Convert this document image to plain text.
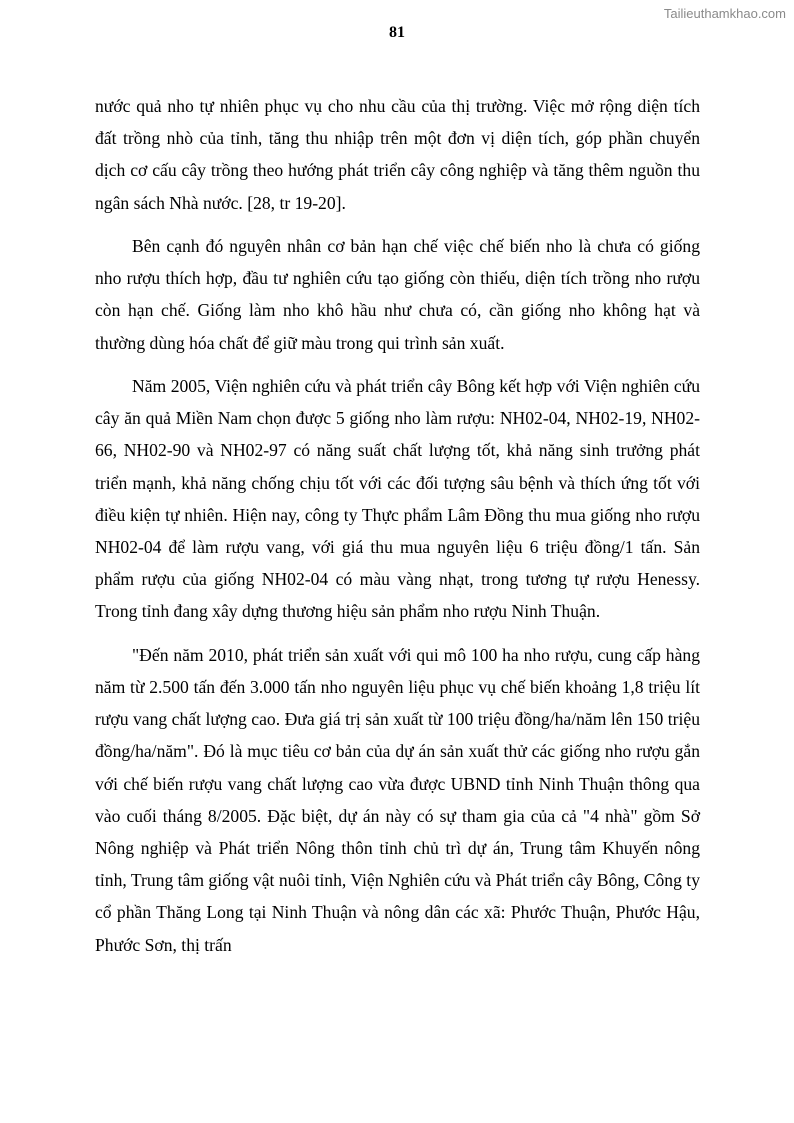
Tailieuthamkhao.com
81

nước quả nho tự nhiên phục vụ cho nhu cầu của thị trường. Việc mở rộng diện tích đất trồng nhò của tỉnh, tăng thu nhiập trên một đơn vị diện tích, góp phần chuyển dịch cơ cấu cây trồng theo hướng phát triển cây công nghiệp và tăng thêm nguồn thu ngân sách Nhà nước. [28, tr 19-20].

Bên cạnh đó nguyên nhân cơ bản hạn chế việc chế biến nho là chưa có giống nho rượu thích hợp, đầu tư nghiên cứu tạo giống còn thiếu, diện tích trồng nho rượu còn hạn chế. Giống làm nho khô hầu như chưa có, cần giống nho không hạt và thường dùng hóa chất để giữ màu trong qui trình sản xuất.

Năm 2005, Viện nghiên cứu và phát triển cây Bông kết hợp với Viện nghiên cứu cây ăn quả Miền Nam chọn được 5 giống nho làm rượu: NH02-04, NH02-19, NH02-66, NH02-90 và NH02-97 có năng suất chất lượng tốt, khả năng sinh trưởng phát triển mạnh, khả năng chống chịu tốt với các đối tượng sâu bệnh và thích ứng tốt với điều kiện tự nhiên. Hiện nay, công ty Thực phẩm Lâm Đồng thu mua giống nho rượu NH02-04 để làm rượu vang, với giá thu mua nguyên liệu 6 triệu đồng/1 tấn. Sản phẩm rượu của giống NH02-04 có màu vàng nhạt, trong tương tự rượu Henessy. Trong tỉnh đang xây dựng thương hiệu sản phẩm nho rượu Ninh Thuận.

"Đến năm 2010, phát triển sản xuất với qui mô 100 ha nho rượu, cung cấp hàng năm từ 2.500 tấn đến 3.000 tấn nho nguyên liệu phục vụ chế biến khoảng 1,8 triệu lít rượu vang chất lượng cao. Đưa giá trị sản xuất từ 100 triệu đồng/ha/năm lên 150 triệu đồng/ha/năm". Đó là mục tiêu cơ bản của dự án sản xuất thử các giống nho rượu gắn với chế biến rượu vang chất lượng cao vừa được UBND tỉnh Ninh Thuận thông qua vào cuối tháng 8/2005. Đặc biệt, dự án này có sự tham gia của cả "4 nhà" gồm Sở Nông nghiệp và Phát triển Nông thôn tỉnh chủ trì dự án, Trung tâm Khuyến nông tỉnh, Trung tâm giống vật nuôi tỉnh, Viện Nghiên cứu và Phát triển cây Bông, Công ty cổ phần Thăng Long tại Ninh Thuận và nông dân các xã: Phước Thuận, Phước Hậu, Phước Sơn, thị trấn
